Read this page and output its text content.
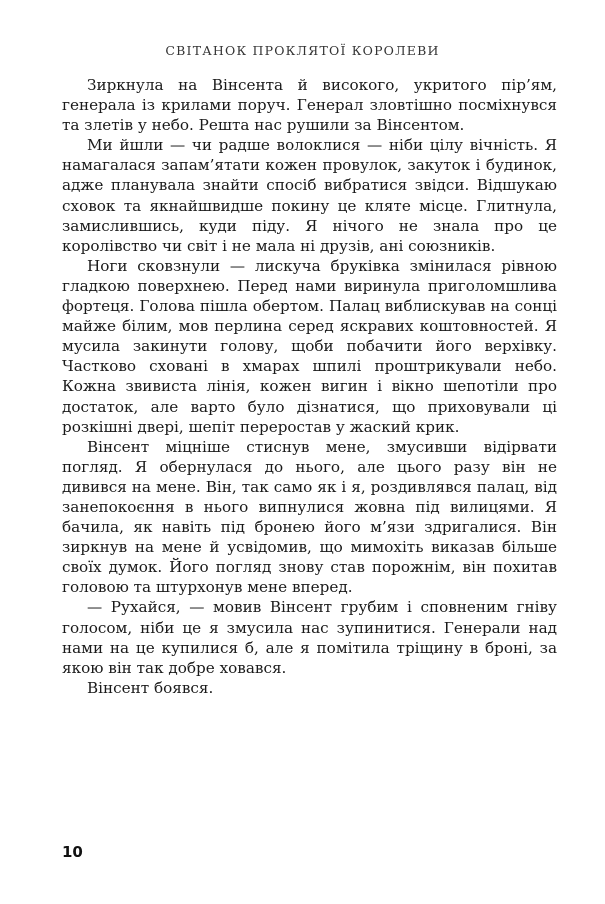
СВІТАНОК ПРОКЛЯТОЇ КОРОЛЕВИ

Зиркнула на Вінсента й високого, укритого пір’ям, генерала із крилами поруч. Генерал зловтішно посміхнувся та злетів у небо. Решта нас рушили за Вінсентом.

Ми йшли — чи радше волоклися — ніби цілу вічність. Я намагалася запам’ятати кожен провулок, закуток і будинок, адже планувала знайти спосіб вибратися звідси. Відшукаю сховок та якнайшвидше покину це кляте місце. Глитнула, замислившись, куди піду. Я нічого не знала про це королівство чи світ і не мала ні друзів, ані союзників.

Ноги сковзнули — лискуча бруківка змінилася рівною гладкою поверхнею. Перед нами виринула приголомшлива фортеця. Голова пішла обертом. Палац виблискував на сонці майже білим, мов перлина серед яскравих коштовностей. Я мусила закинути голову, щоби побачити його верхівку. Частково сховані в хмарах шпилі проштрикували небо. Кожна звивиста лінія, кожен вигин і вікно шепотіли про достаток, але варто було дізнатися, що приховували ці розкішні двері, шепіт переростав у жаский крик.

Вінсент міцніше стиснув мене, змусивши відірвати погляд. Я обернулася до нього, але цього разу він не дивився на мене. Він, так само як і я, роздивлявся палац, від занепокоєння в нього випнулися жовна під вилицями. Я бачила, як навіть під бронею його м’язи здригалися. Він зиркнув на мене й усвідомив, що мимохіть виказав більше своїх думок. Його погляд знову став порожнім, він похитав головою та штурхонув мене вперед.

— Рухайся, — мовив Вінсент грубим і сповненим гніву голосом, ніби це я змусила нас зупинитися. Генерали над нами на це купилися б, але я помітила тріщину в броні, за якою він так добре ховався.

Вінсент боявся.

10
